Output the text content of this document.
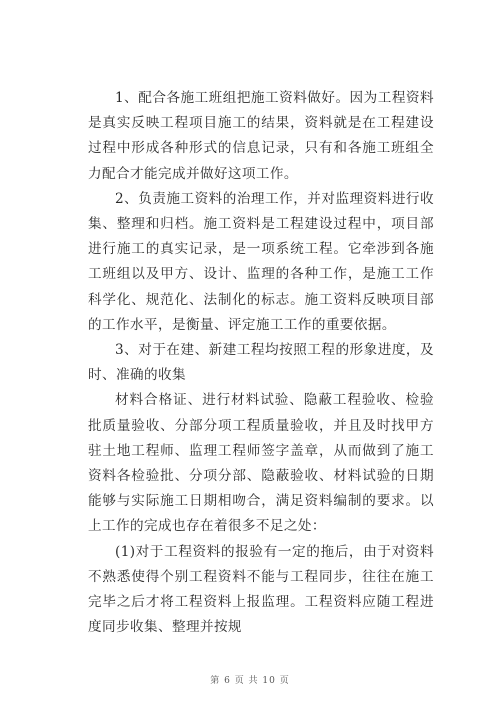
1、配合各施工班组把施工资料做好。因为工程资料是真实反映工程项目施工的结果，资料就是在工程建设过程中形成各种形式的信息记录，只有和各施工班组全力配合才能完成并做好这项工作。

2、负责施工资料的治理工作，并对监理资料进行收集、整理和归档。施工资料是工程建设过程中，项目部进行施工的真实记录，是一项系统工程。它牵涉到各施工班组以及甲方、设计、监理的各种工作，是施工工作科学化、规范化、法制化的标志。施工资料反映项目部的工作水平，是衡量、评定施工工作的重要依据。

3、对于在建、新建工程均按照工程的形象进度，及时、准确的收集

材料合格证、进行材料试验、隐蔽工程验收、检验批质量验收、分部分项工程质量验收，并且及时找甲方驻土地工程师、监理工程师签字盖章，从而做到了施工资料各检验批、分项分部、隐蔽验收、材料试验的日期能够与实际施工日期相吻合，满足资料编制的要求。以上工作的完成也存在着很多不足之处：

(1)对于工程资料的报验有一定的拖后，由于对资料不熟悉使得个别工程资料不能与工程同步，往往在施工完毕之后才将工程资料上报监理。工程资料应随工程进度同步收集、整理并按规

第 6 页 共 10 页
